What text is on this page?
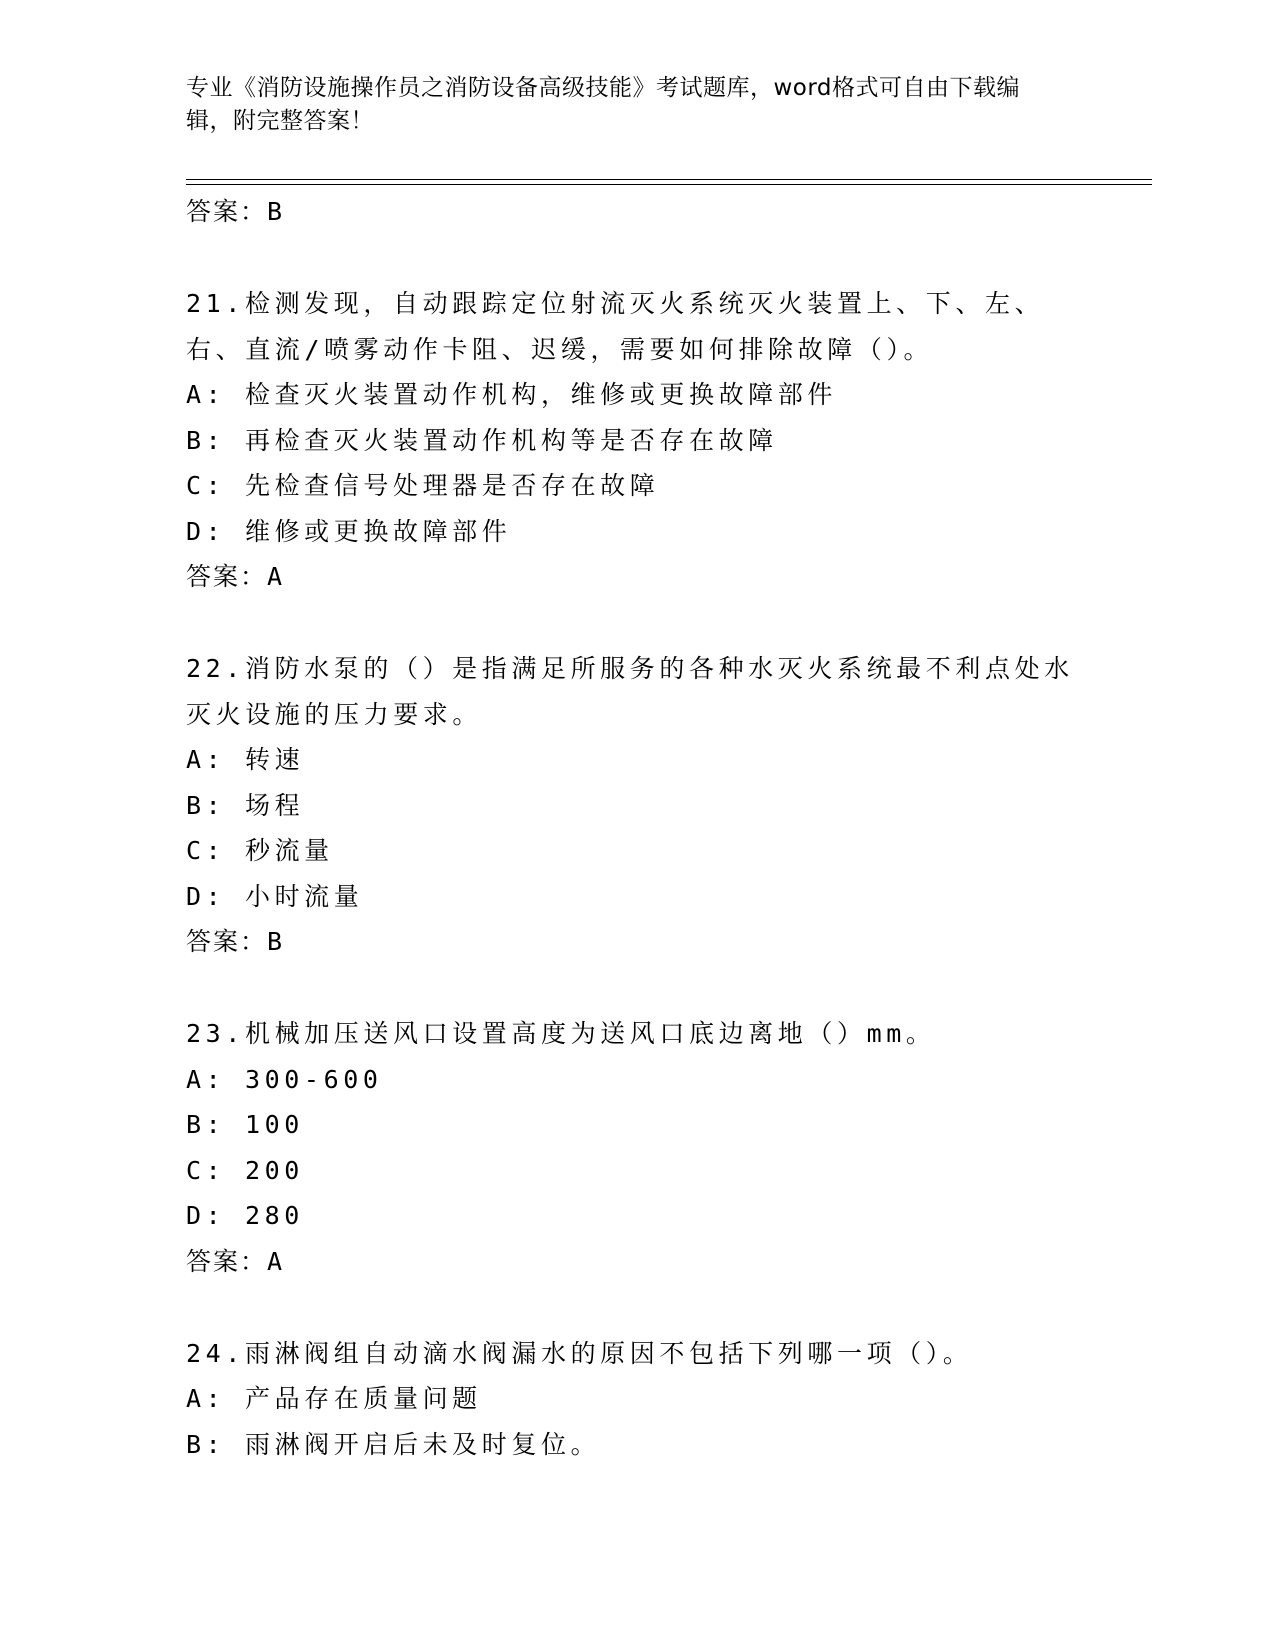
专业《消防设施操作员之消防设备高级技能》考试题库，word格式可自由下载编辑，附完整答案！
答案：B

21.检测发现，自动跟踪定位射流灭火系统灭火装置上、下、左、右、直流/喷雾动作卡阻、迟缓，需要如何排除故障（）。

A: 检查灭火装置动作机构，维修或更换故障部件
B: 再检查灭火装置动作机构等是否存在故障
C: 先检查信号处理器是否存在故障
D: 维修或更换故障部件
答案：A

22.消防水泵的（）是指满足所服务的各种水灭火系统最不利点处水灭火设施的压力要求。

A: 转速
B: 场程
C: 秒流量
D: 小时流量
答案：B

23.机械加压送风口设置高度为送风口底边离地（）mm。

A: 300-600
B: 100
C: 200
D: 280
答案：A

24.雨淋阀组自动滴水阀漏水的原因不包括下列哪一项（）。

A: 产品存在质量问题
B: 雨淋阀开启后未及时复位。
